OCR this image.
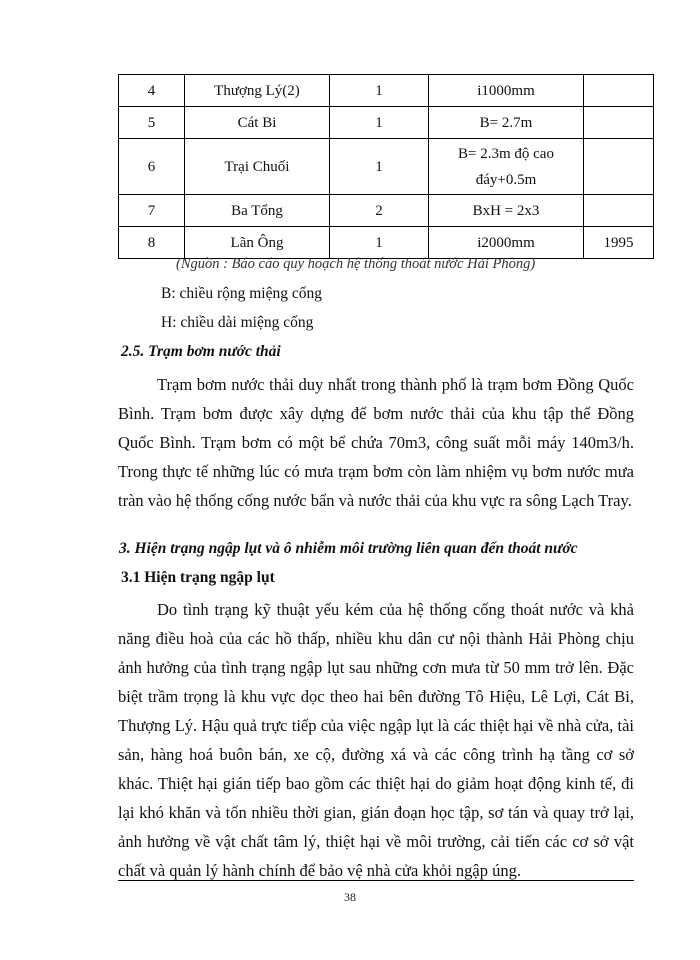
4	Thượng Lý(2)	1	i1000mm	
5	Cát Bi	1	B= 2.7m	
6	Trại Chuối	1	B= 2.3m độ cao
đáy+0.5m	

7	Ba Tổng	2	BxH = 2x3	
8	Lãn Ông	1	i2000mm	1995
(Nguồn : Báo cáo quy hoạch hệ thống thoát nước Hải Phòng)
B: chiều rộng miệng cống
H: chiều dài miệng cống
2.5. Trạm bơm nước thải

Trạm bơm nước thải duy nhất trong thành phố là trạm bơm Đồng Quốc Bình. Trạm bơm được xây dựng để bơm nước thải của khu tập thể Đồng Quốc Bình. Trạm bơm có một bể chứa 70m3, công suất mỗi máy 140m3/h. Trong thực tế những lúc có mưa trạm bơm còn làm nhiệm vụ bơm nước mưa tràn vào hệ thống cống nước bẩn và nước thải của khu vực ra sông Lạch Tray.

3. Hiện trạng ngập lụt và ô nhiễm môi trường liên quan đến thoát nước
3.1 Hiện trạng ngập lụt

Do tình trạng kỹ thuật yếu kém của hệ thống cống thoát nước và khả năng điều hoà của các hồ thấp, nhiều khu dân cư nội thành Hải Phòng chịu ảnh hưởng của tình trạng ngập lụt sau những cơn mưa từ 50 mm trở lên. Đặc biệt trầm trọng là khu vực dọc theo hai bên đường Tô Hiệu, Lê Lợi, Cát Bi, Thượng Lý. Hậu quả trực tiếp của việc ngập lụt là các thiệt hại về nhà cửa, tài sản, hàng hoá buôn bán, xe cộ, đường xá và các công trình hạ tầng cơ sở khác. Thiệt hại gián tiếp bao gồm các thiệt hại do giảm hoạt động kinh tế, đi lại khó khăn và tốn nhiều thời gian, gián đoạn học tập, sơ tán và quay trở lại, ảnh hưởng về vật chất tâm lý, thiệt hại về môi trường, cải tiến các cơ sở vật chất và quản lý hành chính để bảo vệ nhà cửa khỏi ngập úng.

38
